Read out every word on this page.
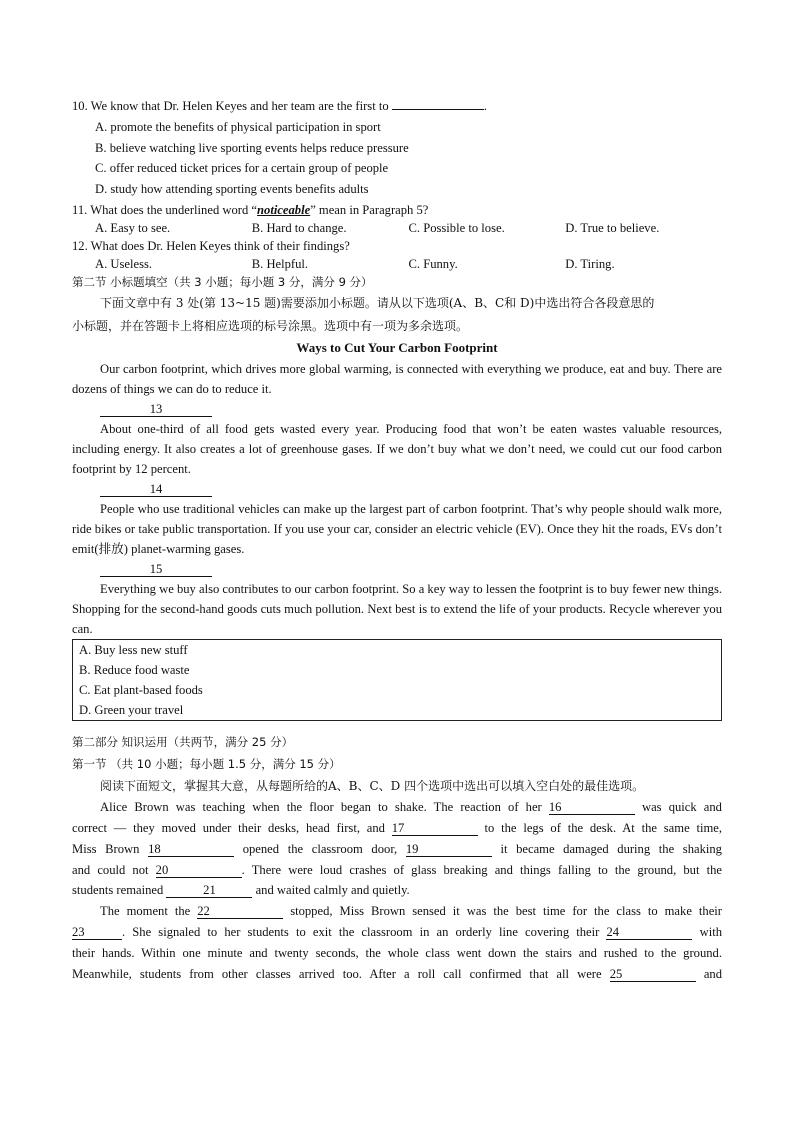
10. We know that Dr. Helen Keyes and her team are the first to	.
A. promote the benefits of physical participation in sport
B. believe watching live sporting events helps reduce pressure
C. offer reduced ticket prices for a certain group of people
D. study how attending sporting events benefits adults
11. What does the underlined word “noticeable” mean in Paragraph 5?
A. Easy to see.	B. Hard to change.	C. Possible to lose.	D. True to believe.
12. What does Dr. Helen Keyes think of their findings?
A. Useless.	B. Helpful.	C. Funny.	D. Tiring.
第二节 小标题填空（共 3 小题；每小题 3 分，满分 9 分）
下面文章中有 3 处(第 13~15 题)需要添加小标题。请从以下选项(A、B、C和 D)中选出符合各段意思的
小标题，并在答题卡上将相应选项的标号涂黑。选项中有一项为多余选项。
Ways to Cut Your Carbon Footprint

Our carbon footprint, which drives more global warming, is connected with everything we produce, eat and buy. There are dozens of things we can do to reduce it.

13

About one-third of all food gets wasted every year. Producing food that won’t be eaten wastes valuable resources, including energy. It also creates a lot of greenhouse gases. If we don’t buy what we don’t need, we could cut our food carbon footprint by 12 percent.

14

People who use traditional vehicles can make up the largest part of carbon footprint. That’s why people should walk more, ride bikes or take public transportation. If you use your car, consider an electric vehicle (EV). Once they hit the roads, EVs don’t emit(排放) planet-warming gases.

15

Everything we buy also contributes to our carbon footprint. So a key way to lessen the footprint is to buy fewer new things. Shopping for the second-hand goods cuts much pollution. Next best is to extend the life of your products. Recycle wherever you can.

A. Buy less new stuff
B. Reduce food waste
C. Eat plant-based foods
D. Green your travel
第二部分 知识运用（共两节，满分 25 分）
第一节 （共 10 小题；每小题 1.5 分，满分 15 分）
阅读下面短文，掌握其大意，从每题所给的A、B、C、D 四个选项中选出可以填入空白处的最佳选项。
Alice Brown was teaching when the floor began to shake. The reaction of her 16	was quick and
correct — they moved under their desks, head first, and 17	to the legs of the desk. At the same time,
Miss Brown 18	opened the classroom door, 19	it became damaged during the shaking
and could not 20	. There were loud crashes of glass breaking and things falling to the ground, but the
students remained	21	and waited calmly and quietly.
The moment the 22	stopped, Miss Brown sensed it was the best time for the class to make their
23	. She signaled to her students to exit the classroom in an orderly line covering their 24	with
their hands. Within one minute and twenty seconds, the whole class went down the stairs and rushed to the ground.
Meanwhile, students from other classes arrived too. After a roll call confirmed that all were 25	and
